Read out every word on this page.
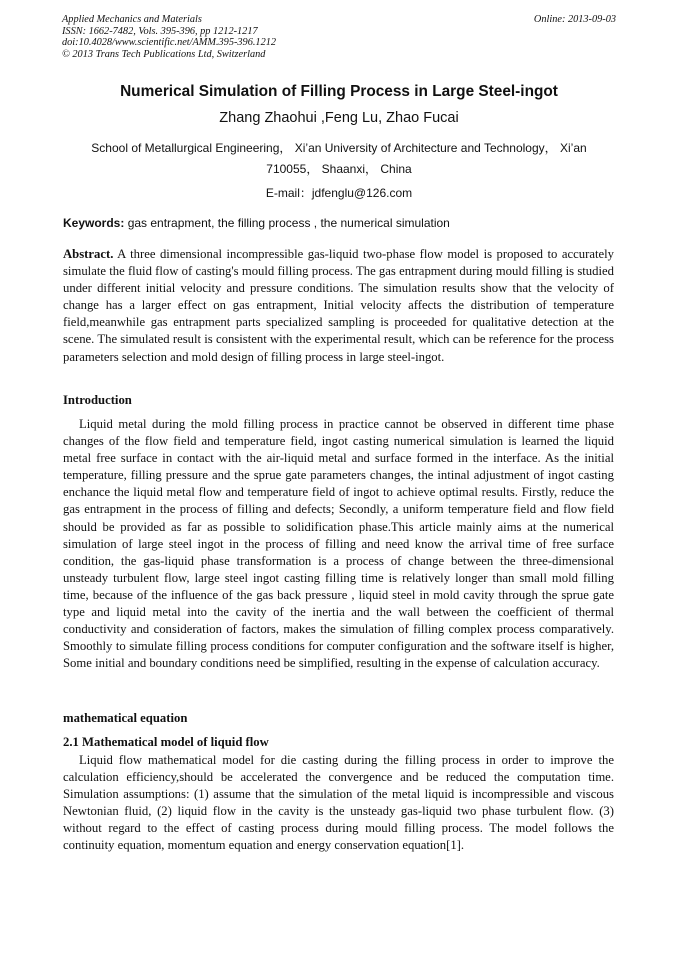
Applied Mechanics and Materials
ISSN: 1662-7482, Vols. 395-396, pp 1212-1217
doi:10.4028/www.scientific.net/AMM.395-396.1212
© 2013 Trans Tech Publications Ltd, Switzerland
Online: 2013-09-03
Numerical Simulation of Filling Process in Large Steel-ingot
Zhang Zhaohui ,Feng Lu, Zhao Fucai
School of Metallurgical Engineering， Xi’an University of Architecture and Technology， Xi’an
710055， Shaanxi， China
E-mail：jdfenglu@126.com
Keywords: gas entrapment, the filling process , the numerical simulation
Abstract. A three dimensional incompressible gas-liquid two-phase flow model is proposed to accurately simulate the fluid flow of casting's mould filling process. The gas entrapment during mould filling is studied under different initial velocity and pressure conditions. The simulation results show that the velocity of change has a larger effect on gas entrapment, Initial velocity affects the distribution of temperature field,meanwhile gas entrapment parts specialized sampling is proceeded for qualitative detection at the scene. The simulated result is consistent with the experimental result, which can be reference for the process parameters selection and mold design of filling process in large steel-ingot.
Introduction
Liquid metal during the mold filling process in practice cannot be observed in different time phase changes of the flow field and temperature field, ingot casting numerical simulation is learned the liquid metal free surface in contact with the air-liquid metal and surface formed in the interface. As the initial temperature, filling pressure and the sprue gate parameters changes, the intinal adjustment of ingot casting enchance the liquid metal flow and temperature field of ingot to achieve optimal results. Firstly, reduce the gas entrapment in the process of filling and defects; Secondly, a uniform temperature field and flow field should be provided as far as possible to solidification phase.This article mainly aims at the numerical simulation of large steel ingot in the process of filling and need know the arrival time of free surface condition, the gas-liquid phase transformation is a process of change between the three-dimensional unsteady turbulent flow, large steel ingot casting filling time is relatively longer than small mold filling time, because of the influence of the gas back pressure , liquid steel in mold cavity through the sprue gate type and liquid metal into the cavity of the inertia and the wall between the coefficient of thermal conductivity and consideration of factors, makes the simulation of filling complex process comparatively. Smoothly to simulate filling process conditions for computer configuration and the software itself is higher, Some initial and boundary conditions need be simplified, resulting in the expense of calculation accuracy.
mathematical equation
2.1 Mathematical model of liquid flow
Liquid flow mathematical model for die casting during the filling process in order to improve the calculation efficiency,should be accelerated the convergence and be reduced the computation time. Simulation assumptions: (1) assume that the simulation of the metal liquid is incompressible and viscous Newtonian fluid, (2) liquid flow in the cavity is the unsteady gas-liquid two phase turbulent flow. (3) without regard to the effect of casting process during mould filling process. The model follows the continuity equation, momentum equation and energy conservation equation[1].
